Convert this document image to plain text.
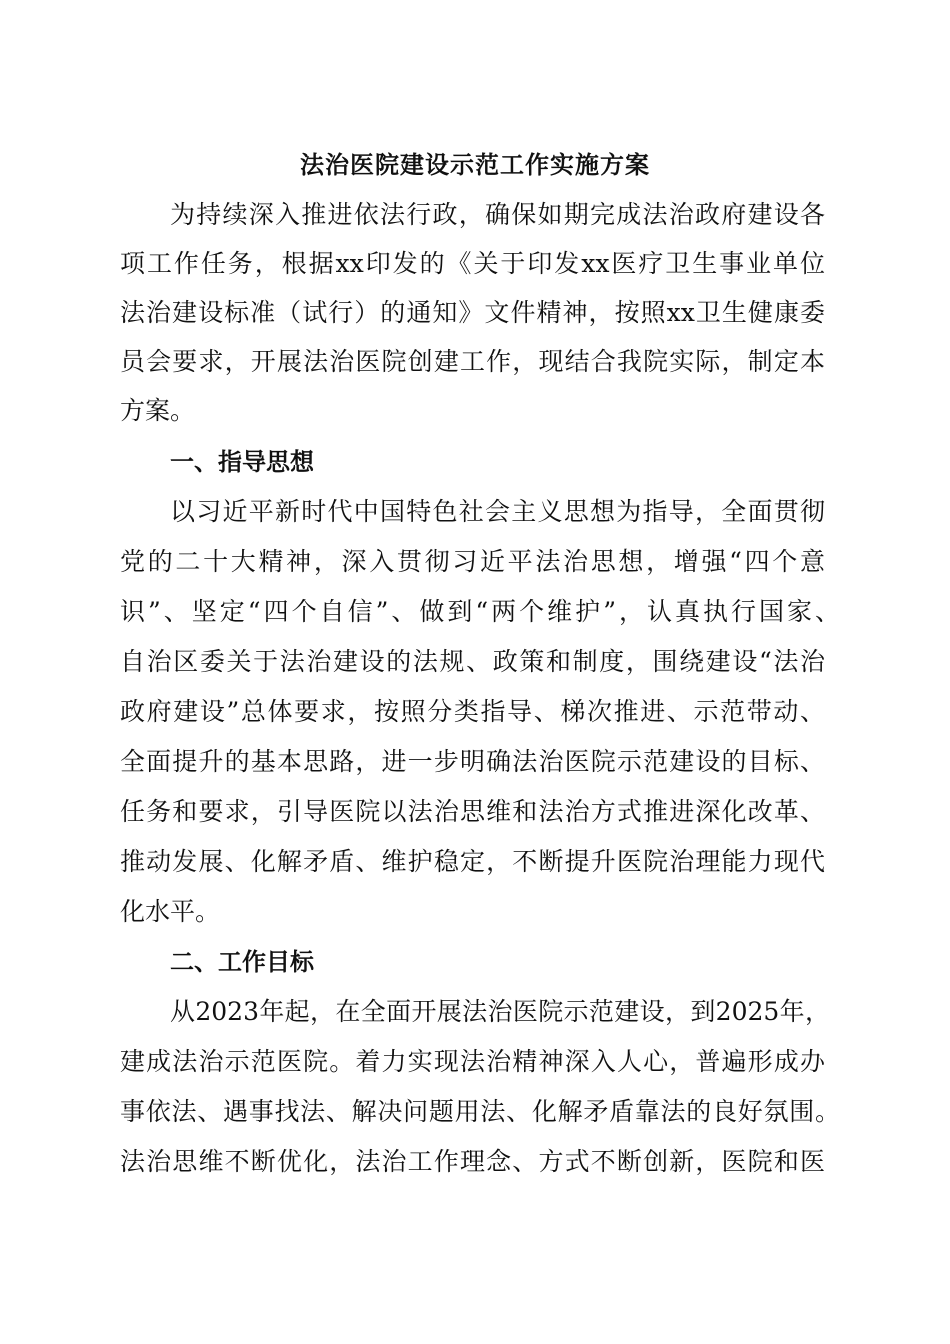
法治医院建设示范工作实施方案
为持续深入推进依法行政，确保如期完成法治政府建设各
项工作任务，根据xx印发的《关于印发xx医疗卫生事业单位
法治建设标准（试行）的通知》文件精神，按照xx卫生健康委
员会要求，开展法治医院创建工作，现结合我院实际，制定本
方案。
一、指导思想
以习近平新时代中国特色社会主义思想为指导，全面贯彻
党的二十大精神，深入贯彻习近平法治思想，增强“四个意
识”、坚定“四个自信”、做到“两个维护”，认真执行国家、
自治区委关于法治建设的法规、政策和制度，围绕建设“法治
政府建设”总体要求，按照分类指导、梯次推进、示范带动、
全面提升的基本思路，进一步明确法治医院示范建设的目标、
任务和要求，引导医院以法治思维和法治方式推进深化改革、
推动发展、化解矛盾、维护稳定，不断提升医院治理能力现代
化水平。
二、工作目标
从2023年起，在全面开展法治医院示范建设，到2025年，
建成法治示范医院。着力实现法治精神深入人心，普遍形成办
事依法、遇事找法、解决问题用法、化解矛盾靠法的良好氛围。
法治思维不断优化，法治工作理念、方式不断创新，医院和医
